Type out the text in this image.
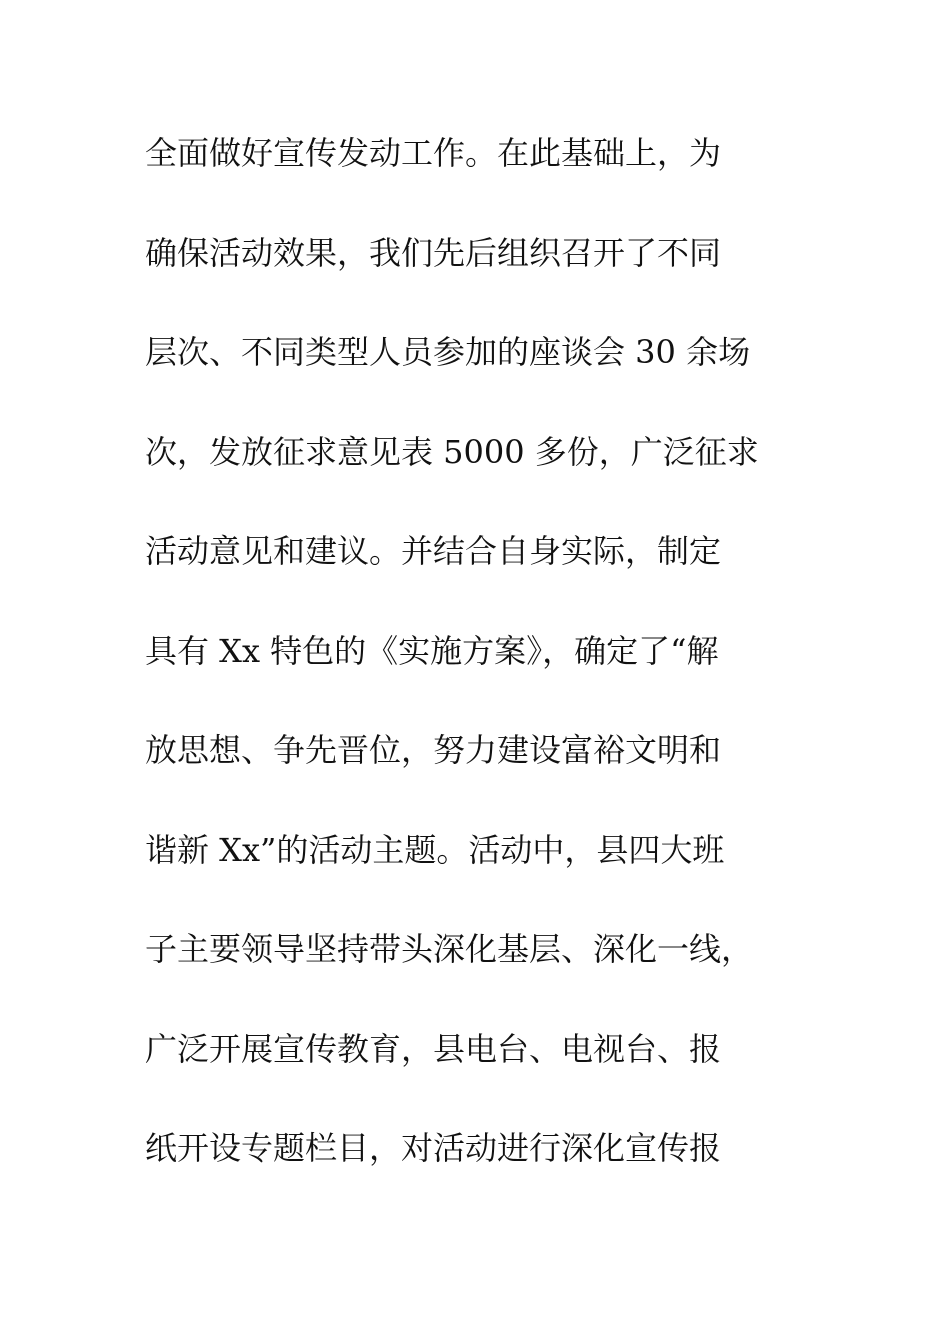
全面做好宣传发动工作。在此基础上，为
确保活动效果，我们先后组织召开了不同
层次、不同类型人员参加的座谈会 30 余场
次，发放征求意见表 5000 多份，广泛征求
活动意见和建议。并结合自身实际，制定
具有 Xx 特色的《实施方案》，确定了“解
放思想、争先晋位，努力建设富裕文明和
谐新 Xx”的活动主题。活动中，县四大班
子主要领导坚持带头深化基层、深化一线，
广泛开展宣传教育，县电台、电视台、报
纸开设专题栏目，对活动进行深化宣传报
